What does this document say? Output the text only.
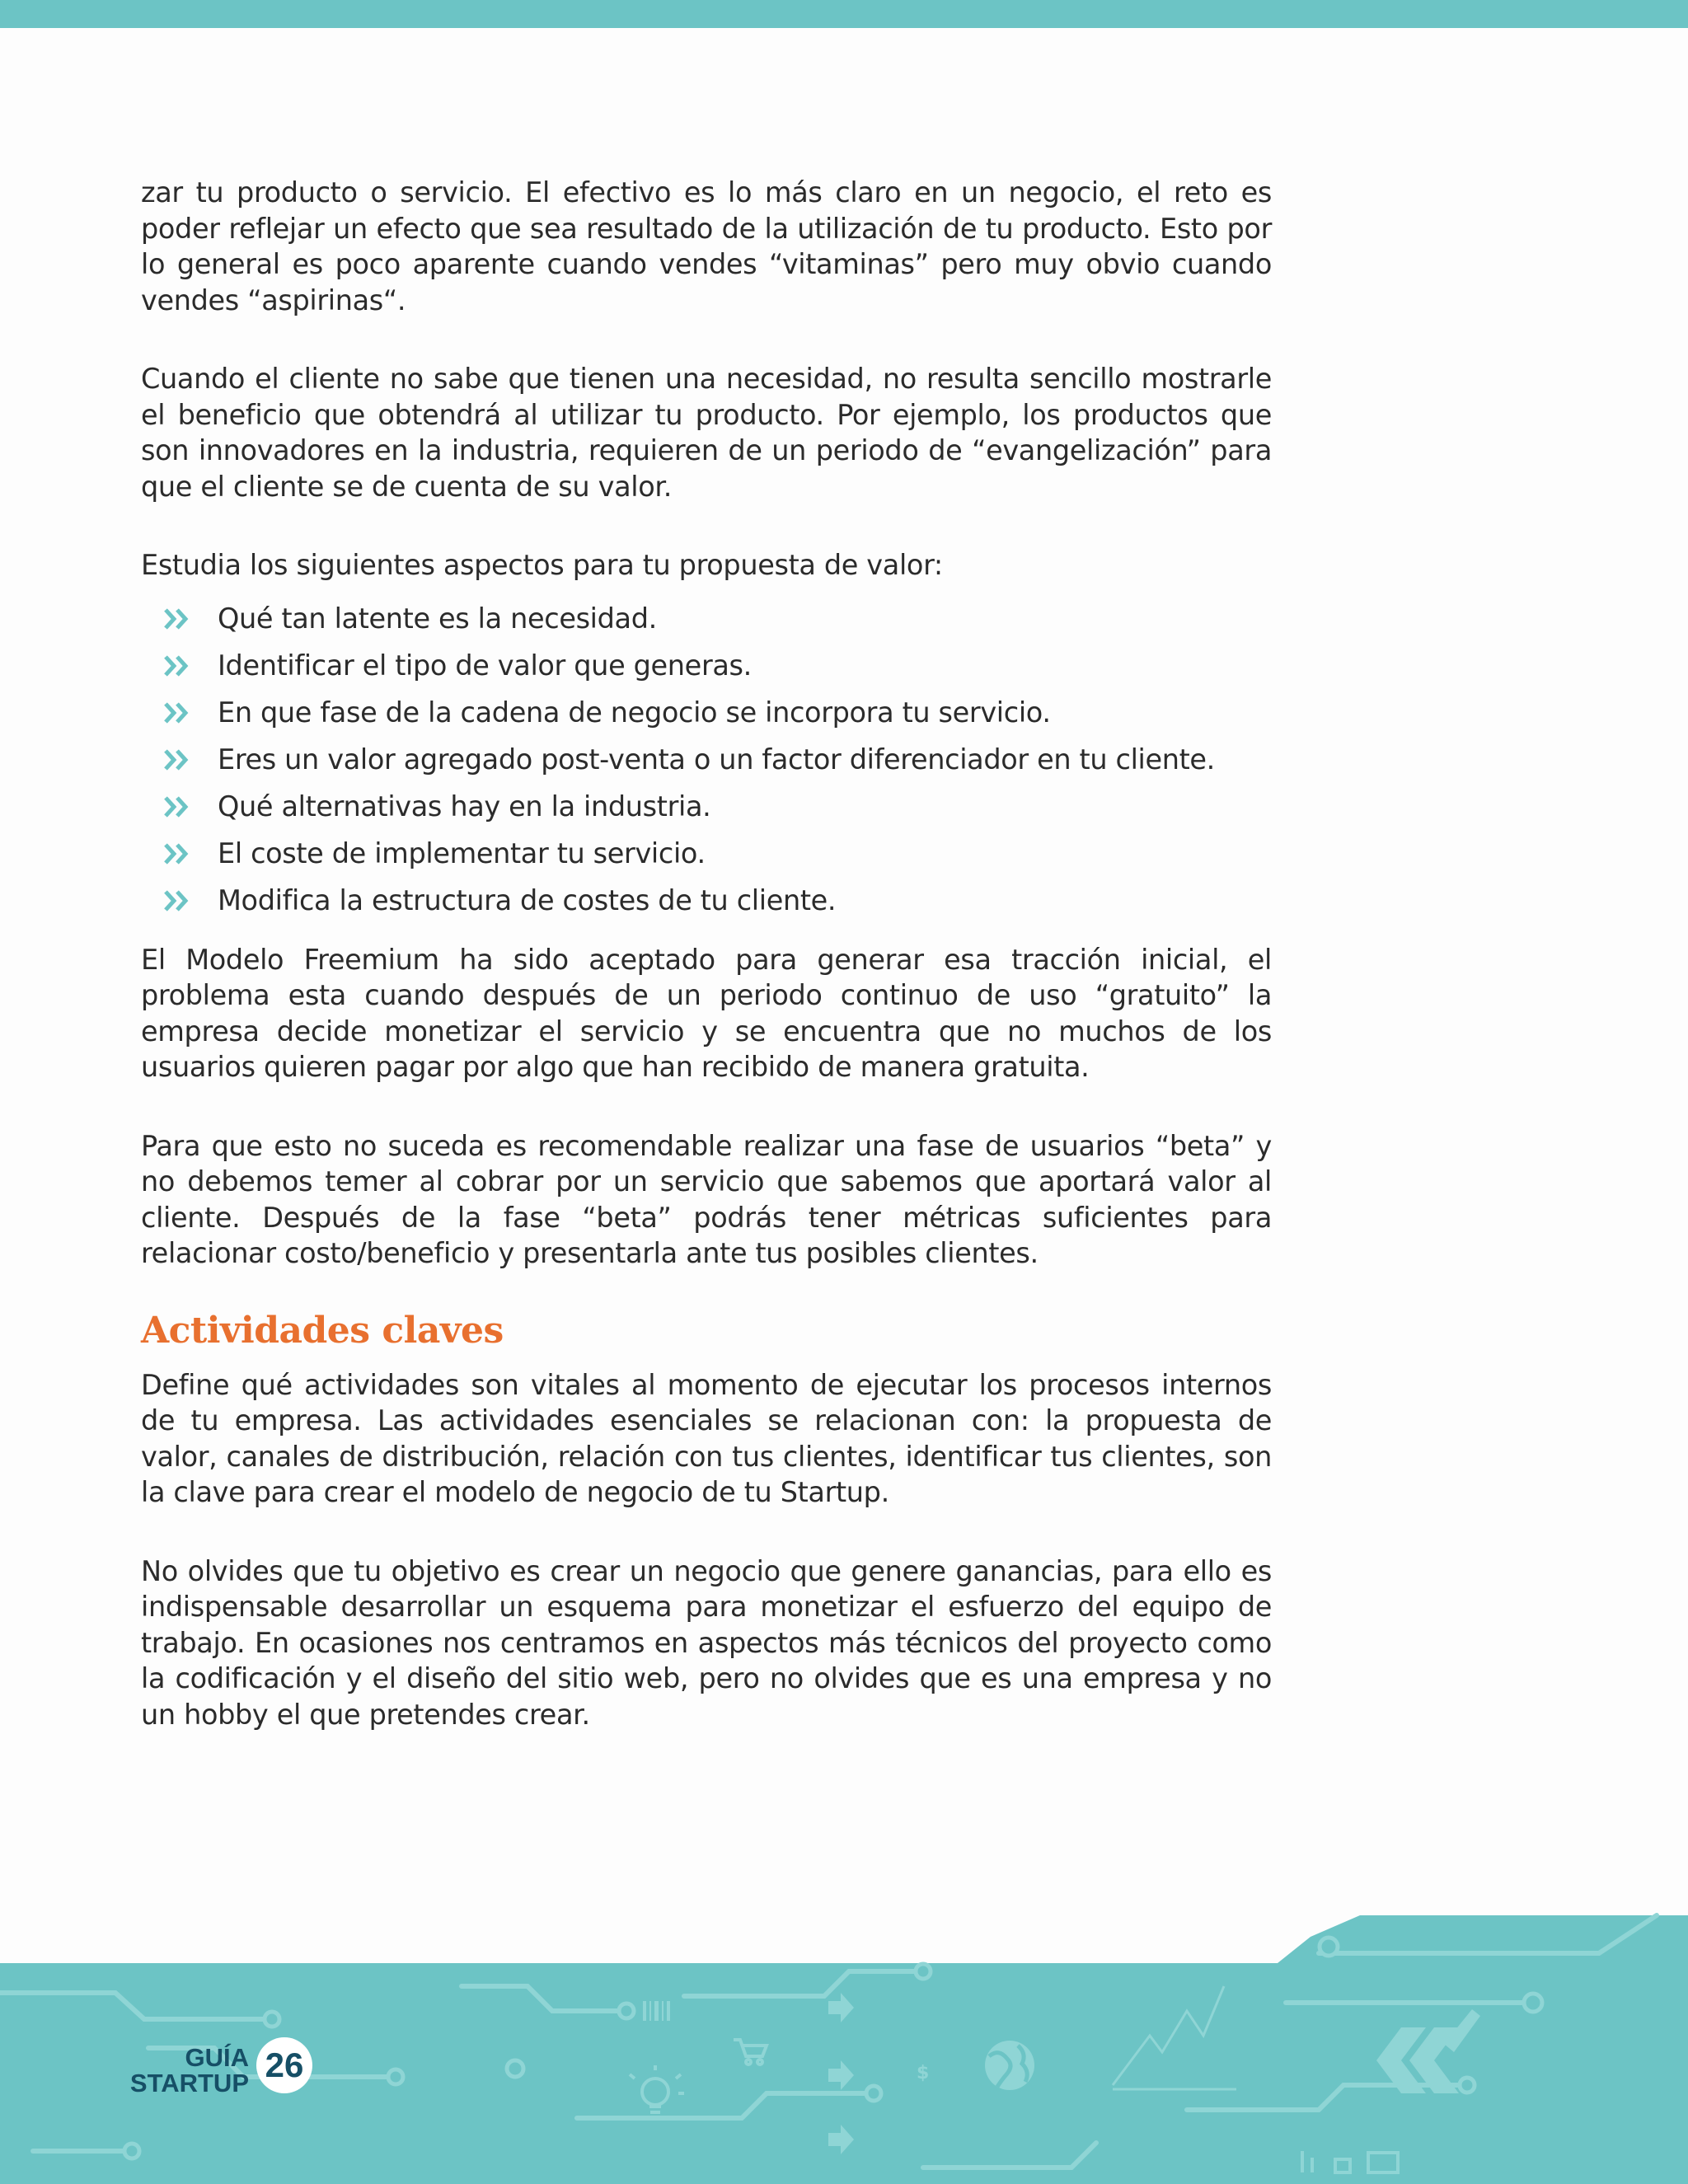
zar tu producto o servicio. El efectivo es lo más claro en un negocio, el reto es poder reflejar un efecto que sea resultado de la utilización de tu producto. Esto por lo general es poco aparente cuando vendes “vitaminas” pero muy obvio cuando vendes “aspirinas“.

Cuando el cliente no sabe que tienen una necesidad, no resulta sencillo mostrarle el beneficio que obtendrá al utilizar tu producto. Por ejemplo, los productos que son innovadores en la industria, requieren de un periodo de “evangelización” para que el cliente se de cuenta de su valor.

Estudia los siguientes aspectos para tu propuesta de valor:

Qué tan latente es la necesidad.
Identificar el tipo de valor que generas.
En que fase de la cadena de negocio se incorpora tu servicio.
Eres un valor agregado post-venta o un factor diferenciador en tu cliente.
Qué alternativas hay en la industria.
El coste de implementar tu servicio.
Modifica la estructura de costes de tu cliente.

El Modelo Freemium ha sido aceptado para generar esa tracción inicial, el problema esta cuando después de un periodo continuo de uso “gratuito” la empresa decide monetizar el servicio y se encuentra que no muchos de los usuarios quieren pagar por algo que han recibido de manera gratuita.

Para que esto no suceda es recomendable realizar una fase de usuarios “beta” y no debemos temer al cobrar por un servicio que sabemos que aportará valor al cliente. Después de la fase “beta” podrás tener métricas suficientes para relacionar costo/beneficio y presentarla ante tus posibles clientes.

Actividades claves

Define qué actividades son vitales al momento de ejecutar los procesos internos de tu empresa. Las actividades esenciales se relacionan con: la propuesta de valor, canales de distribución, relación con tus clientes, identificar tus clientes, son la clave para crear el modelo de negocio de tu Startup.

No olvides que tu objetivo es crear un negocio que genere ganancias, para ello es indispensable desarrollar un esquema para monetizar el esfuerzo del equipo de trabajo. En ocasiones nos centramos en aspectos más técnicos del proyecto como la codificación y el diseño del sitio web, pero no olvides que es una empresa y no un hobby el que pretendes crear.

$
GUÍA
STARTUP 26
